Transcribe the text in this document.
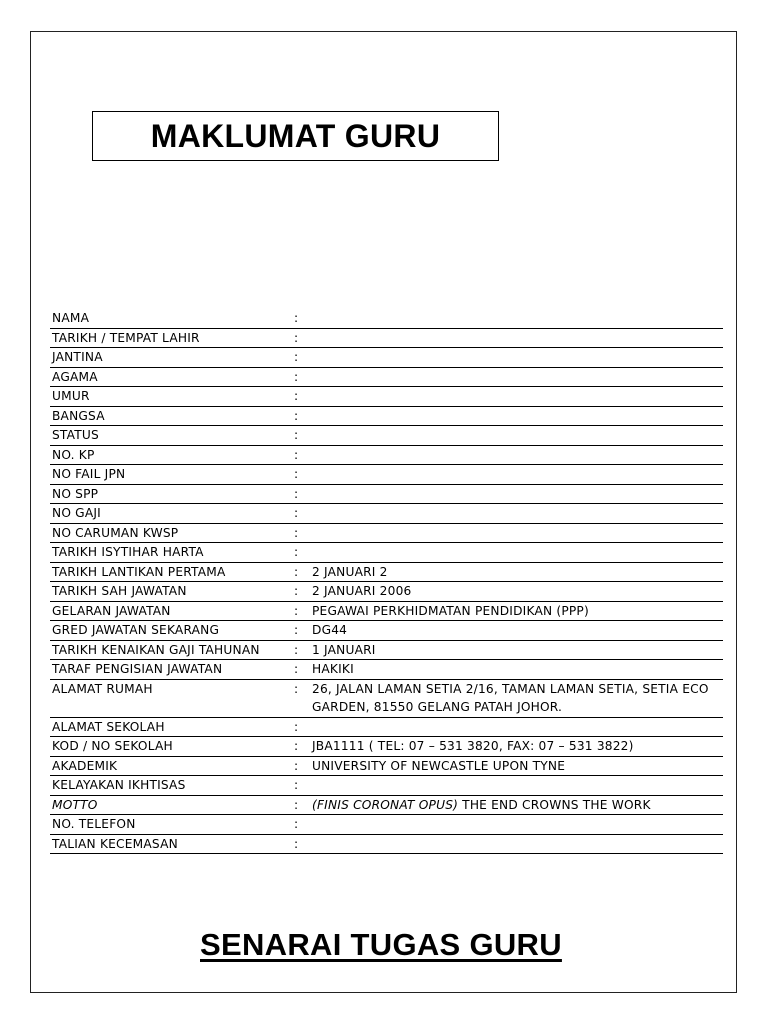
MAKLUMAT GURU
NAMA	:
TARIKH / TEMPAT LAHIR	:
JANTINA	:
AGAMA	:
UMUR	:
BANGSA	:
STATUS	:
NO. KP	:
NO FAIL JPN	:
NO SPP	:
NO GAJI	:
NO CARUMAN KWSP	:
TARIKH ISYTIHAR HARTA	:
TARIKH LANTIKAN PERTAMA	:	2 JANUARI 2
TARIKH SAH JAWATAN	:	2 JANUARI 2006
GELARAN JAWATAN	:	PEGAWAI PERKHIDMATAN PENDIDIKAN (PPP)
GRED JAWATAN SEKARANG	:	DG44
TARIKH KENAIKAN GAJI TAHUNAN	:	1 JANUARI
TARAF PENGISIAN JAWATAN	:	HAKIKI
ALAMAT RUMAH	:	26, JALAN LAMAN SETIA 2/16, TAMAN LAMAN SETIA, SETIA ECO GARDEN, 81550 GELANG PATAH JOHOR.
ALAMAT SEKOLAH	:
KOD / NO SEKOLAH	:	JBA1111 ( TEL: 07 – 531 3820, FAX: 07 – 531 3822)
AKADEMIK	:	UNIVERSITY OF NEWCASTLE UPON TYNE
KELAYAKAN IKHTISAS	:
MOTTO	:	(FINIS CORONAT OPUS) THE END CROWNS THE WORK
NO. TELEFON	:
TALIAN KECEMASAN	:
SENARAI TUGAS GURU
